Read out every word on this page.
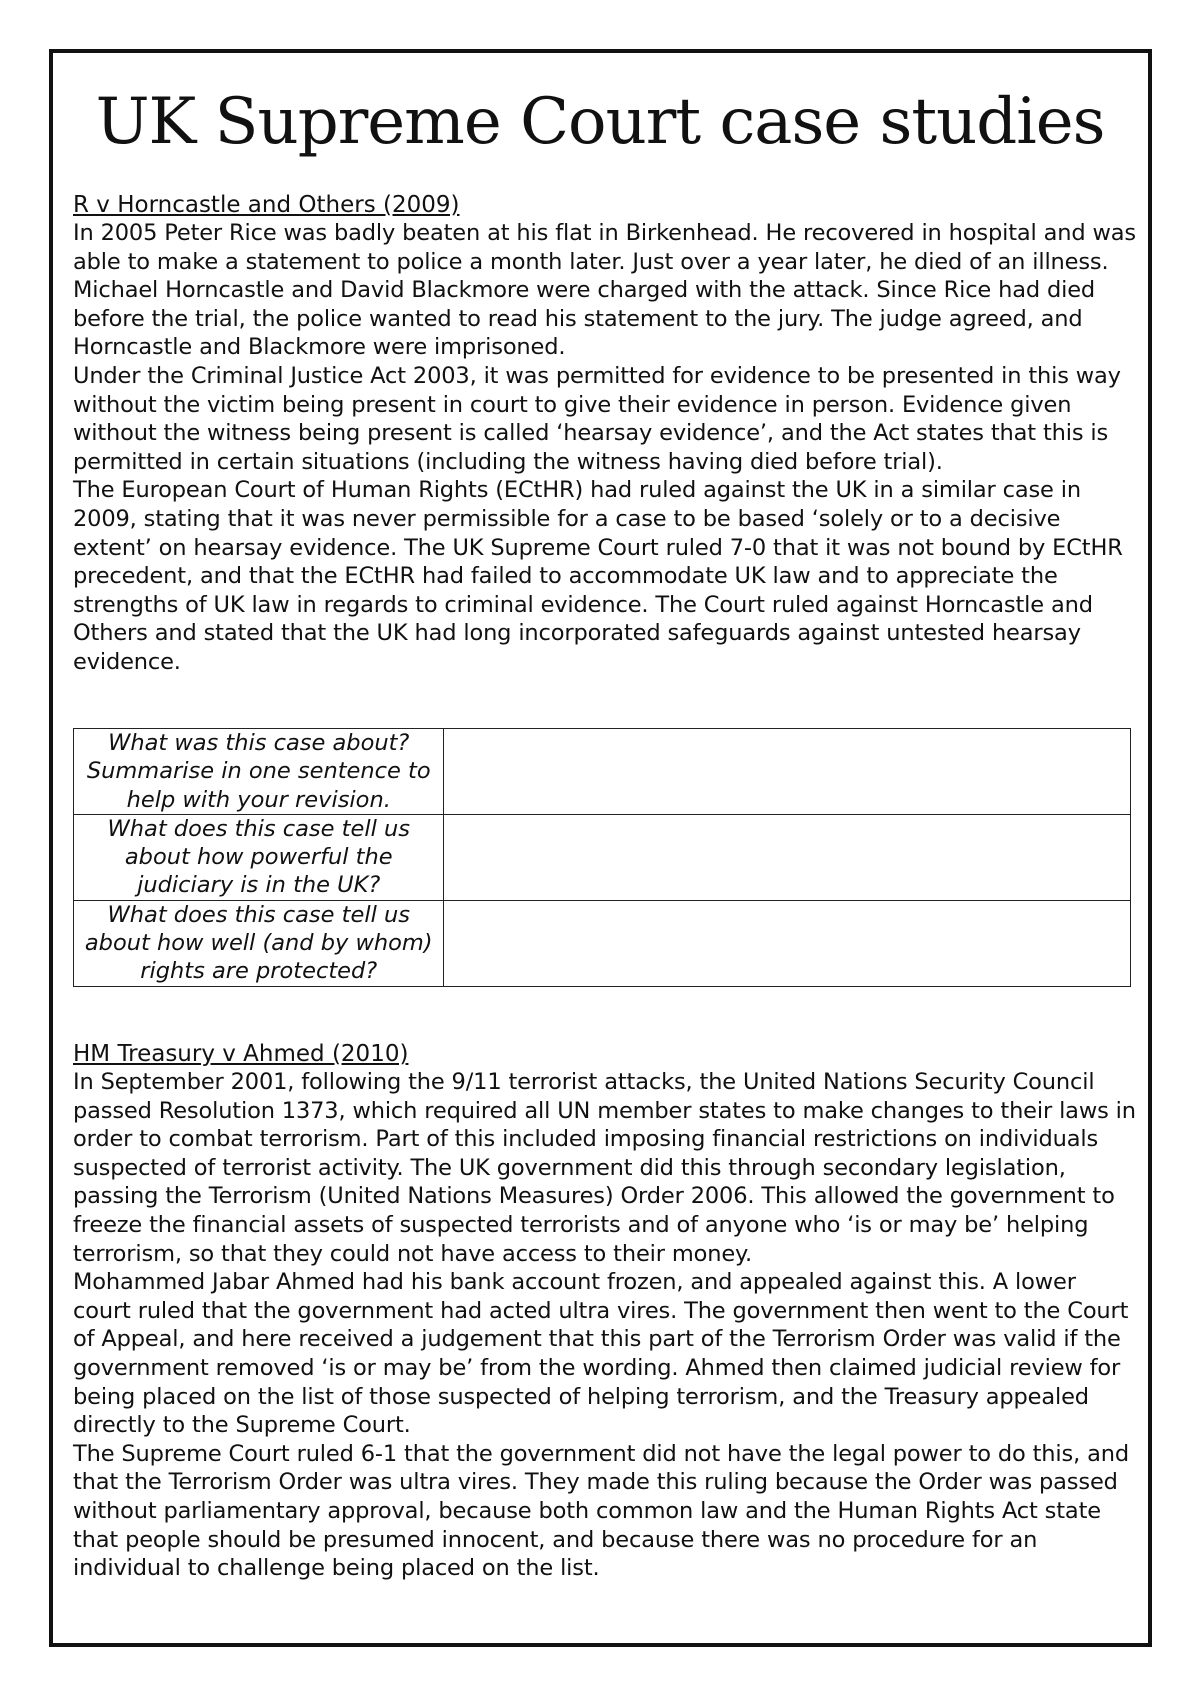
UK Supreme Court case studies
R v Horncastle and Others (2009)

In 2005 Peter Rice was badly beaten at his flat in Birkenhead. He recovered in hospital and was able to make a statement to police a month later. Just over a year later, he died of an illness. Michael Horncastle and David Blackmore were charged with the attack. Since Rice had died before the trial, the police wanted to read his statement to the jury. The judge agreed, and Horncastle and Blackmore were imprisoned.

Under the Criminal Justice Act 2003, it was permitted for evidence to be presented in this way without the victim being present in court to give their evidence in person. Evidence given without the witness being present is called ‘hearsay evidence’, and the Act states that this is permitted in certain situations (including the witness having died before trial).

The European Court of Human Rights (ECtHR) had ruled against the UK in a similar case in 2009, stating that it was never permissible for a case to be based ‘solely or to a decisive extent’ on hearsay evidence. The UK Supreme Court ruled 7-0 that it was not bound by ECtHR precedent, and that the ECtHR had failed to accommodate UK law and to appreciate the strengths of UK law in regards to criminal evidence. The Court ruled against Horncastle and Others and stated that the UK had long incorporated safeguards against untested hearsay evidence.

What was this case about? Summarise in one sentence to help with your revision.	
What does this case tell us about how powerful the judiciary is in the UK?	
What does this case tell us about how well (and by whom) rights are protected?	
HM Treasury v Ahmed (2010)

In September 2001, following the 9/11 terrorist attacks, the United Nations Security Council passed Resolution 1373, which required all UN member states to make changes to their laws in order to combat terrorism. Part of this included imposing financial restrictions on individuals suspected of terrorist activity. The UK government did this through secondary legislation, passing the Terrorism (United Nations Measures) Order 2006. This allowed the government to freeze the financial assets of suspected terrorists and of anyone who ‘is or may be’ helping terrorism, so that they could not have access to their money.

Mohammed Jabar Ahmed had his bank account frozen, and appealed against this. A lower court ruled that the government had acted ultra vires. The government then went to the Court of Appeal, and here received a judgement that this part of the Terrorism Order was valid if the government removed ‘is or may be’ from the wording. Ahmed then claimed judicial review for being placed on the list of those suspected of helping terrorism, and the Treasury appealed directly to the Supreme Court.

The Supreme Court ruled 6-1 that the government did not have the legal power to do this, and that the Terrorism Order was ultra vires. They made this ruling because the Order was passed without parliamentary approval, because both common law and the Human Rights Act state that people should be presumed innocent, and because there was no procedure for an individual to challenge being placed on the list.
